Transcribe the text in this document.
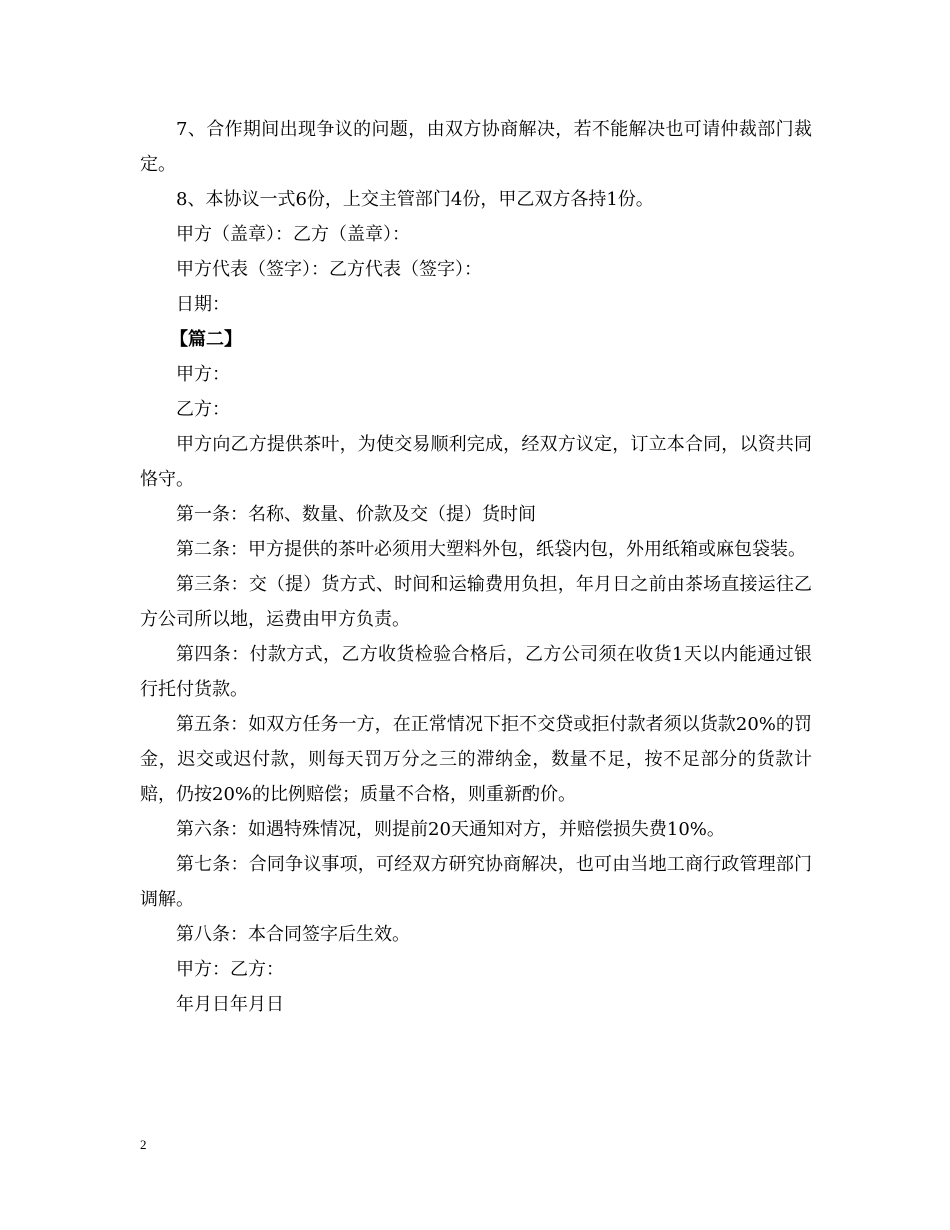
7、合作期间出现争议的问题，由双方协商解决，若不能解决也可请仲裁部门裁定。

8、本协议一式6份，上交主管部门4份，甲乙双方各持1份。

甲方（盖章）：乙方（盖章）：

甲方代表（签字）：乙方代表（签字）：

日期：

【篇二】

甲方：

乙方：

甲方向乙方提供茶叶，为使交易顺利完成，经双方议定，订立本合同，以资共同恪守。

第一条：名称、数量、价款及交（提）货时间

第二条：甲方提供的茶叶必须用大塑料外包，纸袋内包，外用纸箱或麻包袋装。

第三条：交（提）货方式、时间和运输费用负担，年月日之前由茶场直接运往乙方公司所以地，运费由甲方负责。

第四条：付款方式，乙方收货检验合格后，乙方公司须在收货1天以内能通过银行托付货款。

第五条：如双方任务一方，在正常情况下拒不交贷或拒付款者须以货款20%的罚金，迟交或迟付款，则每天罚万分之三的滞纳金，数量不足，按不足部分的货款计赔，仍按20%的比例赔偿；质量不合格，则重新酌价。

第六条：如遇特殊情况，则提前20天通知对方，并赔偿损失费10%。

第七条：合同争议事项，可经双方研究协商解决，也可由当地工商行政管理部门调解。

第八条：本合同签字后生效。

甲方：乙方：

年月日年月日

2
